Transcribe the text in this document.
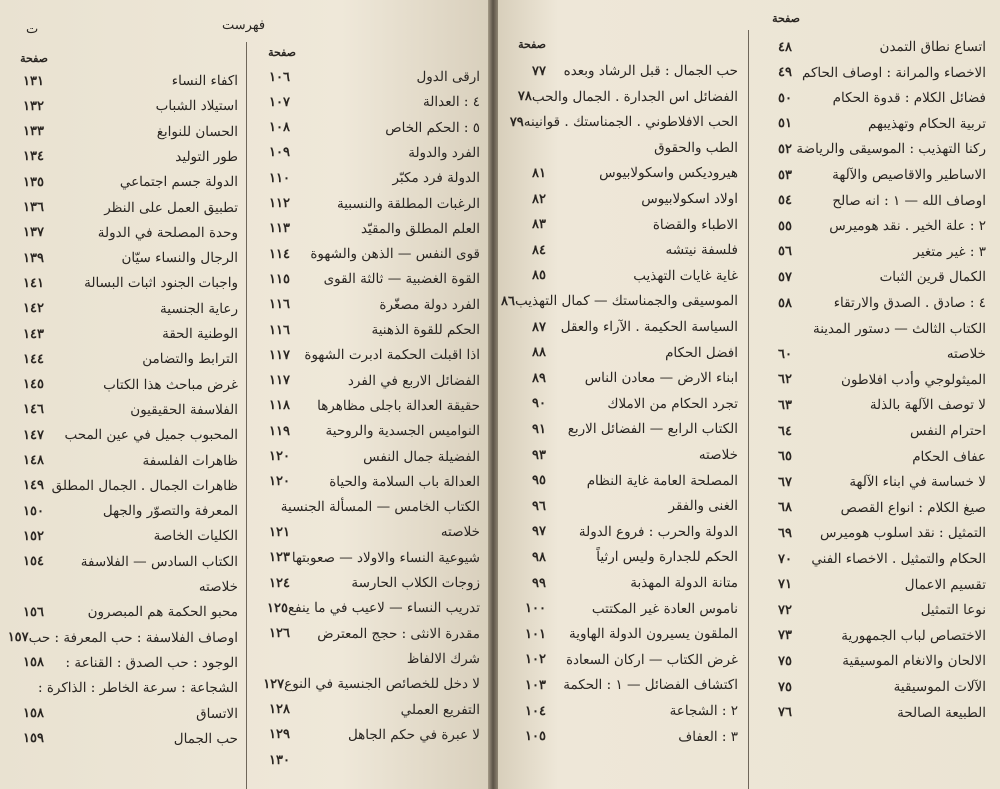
فهرست
ت
صفحة
ارقى الدول
١٠٦
٤ : العدالة
١٠٧
٥ : الحكم الخاص
١٠٨
الفرد والدولة
١٠٩
الدولة فرد مكبّر
١١٠
الرغبات المطلقة والنسبية
١١٢
العلم المطلق والمقيّد
١١٣
قوى النفس — الذهن والشهوة
١١٤
القوة الغضبية — ثالثة القوى
١١٥
الفرد دولة مصغّرة
١١٦
الحكم للقوة الذهنية
١١٦
اذا اقبلت الحكمة ادبرت الشهوة
١١٧
الفضائل الاربع في الفرد
١١٧
حقيقة العدالة باجلى مظاهرها
١١٨
النواميس الجسدية والروحية
١١٩
الفضيلة جمال النفس
١٢٠
العدالة باب السلامة والحياة
١٢٠
الكتاب الخامس — المسألة الجنسية
خلاصته
١٢١
شيوعية النساء والاولاد — صعوبتها
١٢٣
زوجات الكلاب الحارسة
١٢٤
تدريب النساء — لاعيب في ما ينفع
١٢٥
مقدرة الانثى : حجج المعترض
١٢٦
شرك الالفاظ
لا دخل للخصائص الجنسية في النوع
١٢٧
التفريع العملي
١٢٨
لا عبرة في حكم الجاهل
١٢٩
١٣٠
صفحة
اكفاء النساء
١٣١
استيلاد الشباب
١٣٢
الحسان للنوابغ
١٣٣
طور التوليد
١٣٤
الدولة جسم اجتماعي
١٣٥
تطبيق العمل على النظر
١٣٦
وحدة المصلحة في الدولة
١٣٧
الرجال والنساء سيّان
١٣٩
واجبات الجنود اثبات البسالة
١٤١
رعاية الجنسية
١٤٢
الوطنية الحقة
١٤٣
الترابط والتضامن
١٤٤
غرض مباحث هذا الكتاب
١٤٥
الفلاسفة الحقيقيون
١٤٦
المحبوب جميل في عين المحب
١٤٧
ظاهرات الفلسفة
١٤٨
ظاهرات الجمال . الجمال المطلق
١٤٩
المعرفة والتصوّر والجهل
١٥٠
الكليات الخاصة
١٥٢
الكتاب السادس — الفلاسفة
١٥٤
خلاصته
محبو الحكمة هم المبصرون
١٥٦
اوصاف الفلاسفة : حب المعرفة : حب
١٥٧
الوجود : حب الصدق : القناعة :
١٥٨
الشجاعة : سرعة الخاطر : الذاكرة :
الاتساق
١٥٨
حب الجمال
١٥٩
صفحة
اتساع نطاق التمدن
٤٨
الاخصاء والمرانة : اوصاف الحاكم
٤٩
فضائل الكلام : قدوة الحكام
٥٠
تربية الحكام وتهذيبهم
٥١
ركنا التهذيب : الموسيقى والرياضة
٥٢
الاساطير والاقاصيص والآلهة
٥٣
اوصاف الله — ١ : انه صالح
٥٤
٢ : علة الخير . نقد هوميرس
٥٥
٣ : غير متغير
٥٦
الكمال قرين الثبات
٥٧
٤ : صادق . الصدق والارتقاء
٥٨
الكتاب الثالث — دستور المدينة
خلاصته
٦٠
الميثولوجي وأدب افلاطون
٦٢
لا توصف الآلهة بالذلة
٦٣
احترام النفس
٦٤
عفاف الحكام
٦٥
لا خساسة في ابناء الآلهة
٦٧
صيغ الكلام : انواع القصص
٦٨
التمثيل : نقد اسلوب هوميرس
٦٩
الحكام والتمثيل . الاخصاء الفني
٧٠
تقسيم الاعمال
٧١
نوعا التمثيل
٧٢
الاختصاص لباب الجمهورية
٧٣
الالحان والانغام الموسيقية
٧٥
الآلات الموسيقية
٧٥
الطبيعة الصالحة
٧٦
صفحة
حب الجمال : قبل الرشاد وبعده
٧٧
الفضائل اس الجدارة . الجمال والحب
٧٨
الحب الافلاطوني . الجمناستك . قوانينه
٧٩
الطب والحقوق
هيروديكس واسكولابيوس
٨١
اولاد اسكولابيوس
٨٢
الاطباء والقضاة
٨٣
فلسفة نيتشه
٨٤
غاية غايات التهذيب
٨٥
الموسيقى والجمناستك — كمال التهذيب
٨٦
السياسة الحكيمة . الآراء والعقل
٨٧
افضل الحكام
٨٨
ابناء الارض — معادن الناس
٨٩
تجرد الحكام من الاملاك
٩٠
الكتاب الرابع — الفضائل الاربع
٩١
خلاصته
٩٣
المصلحة العامة غاية النظام
٩٥
الغنى والفقر
٩٦
الدولة والحرب : فروع الدولة
٩٧
الحكم للجدارة وليس ارثياً
٩٨
متانة الدولة المهذبة
٩٩
ناموس العادة غير المكتتب
١٠٠
الملقون يسيرون الدولة الهاوية
١٠١
غرض الكتاب — اركان السعادة
١٠٢
اكتشاف الفضائل — ١ : الحكمة
١٠٣
٢ : الشجاعة
١٠٤
٣ : العفاف
١٠٥
